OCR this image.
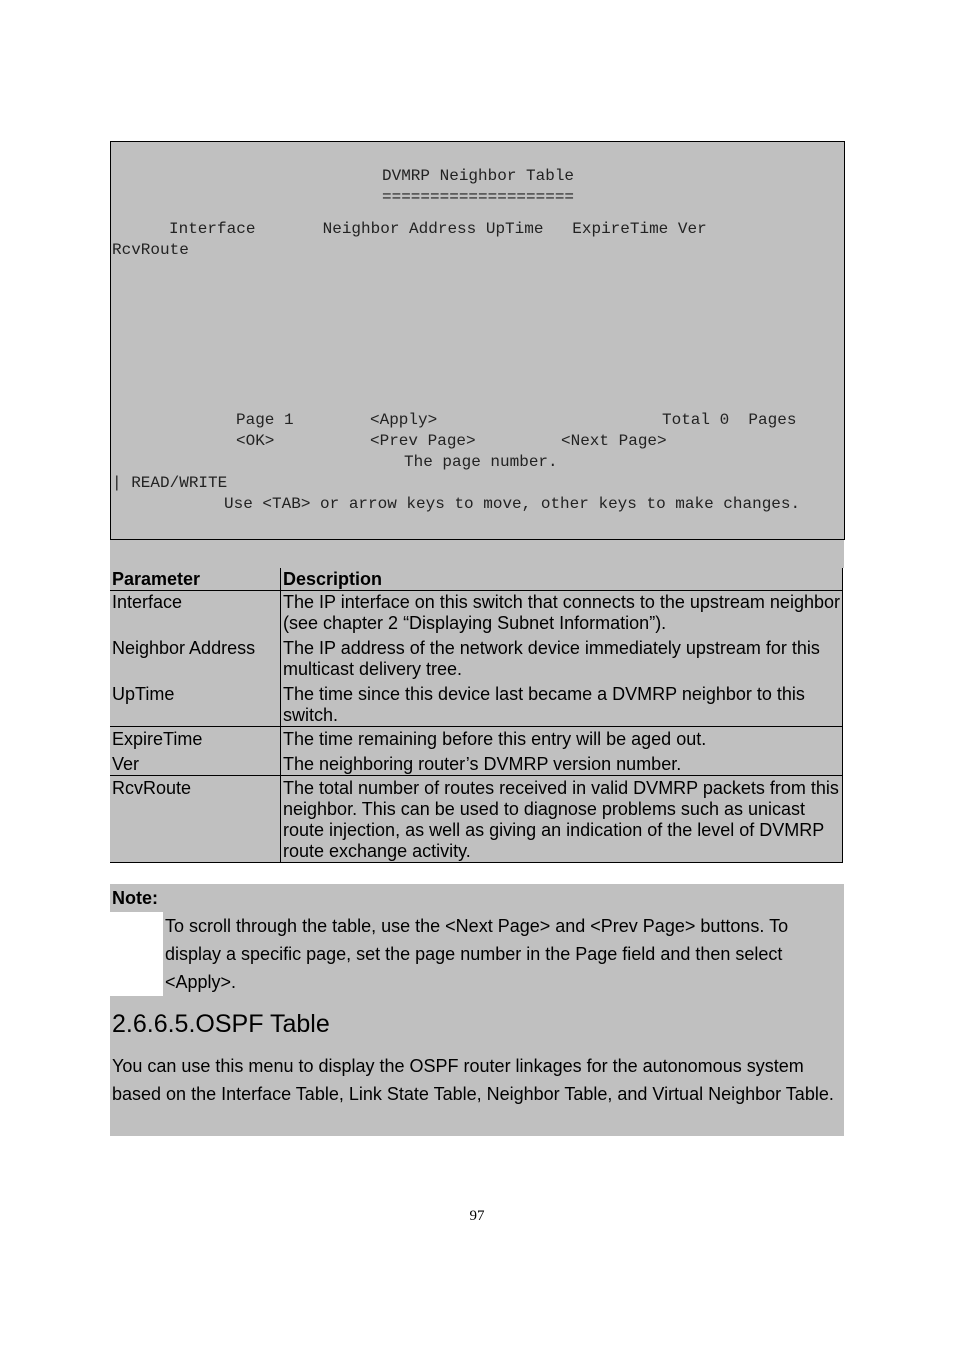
DVMRP Neighbor Table

====================

Interface       Neighbor Address UpTime   ExpireTime Ver

RcvRoute

Page 1

	<Apply>

	Total 0  Pages

<OK>

	<Prev Page>

	<Next Page>

The page number.

| READ/WRITE

Use <TAB> or arrow keys to move, other keys to make changes.

Parameter	Description
Interface	The IP interface on this switch that connects to the upstream neighbor (see chapter 2 “Displaying Subnet Information”).
Neighbor Address	The IP address of the network device immediately upstream for this multicast delivery tree.
UpTime	The time since this device last became a DVMRP neighbor to this switch.
ExpireTime	The time remaining before this entry will be aged out.
Ver	The neighboring router’s DVMRP version number.
RcvRoute	The total number of routes received in valid DVMRP packets from this neighbor. This can be used to diagnose problems such as unicast route injection, as well as giving an indication of the level of DVMRP route exchange activity.
Note:
To scroll through the table, use the <Next Page> and <Prev Page> buttons. To display a specific page, set the page number in the Page field and then select <Apply>.
2.6.6.5.OSPF Table
You can use this menu to display the OSPF router linkages for the autonomous system based on the Interface Table, Link State Table, Neighbor Table, and Virtual Neighbor Table.
97
